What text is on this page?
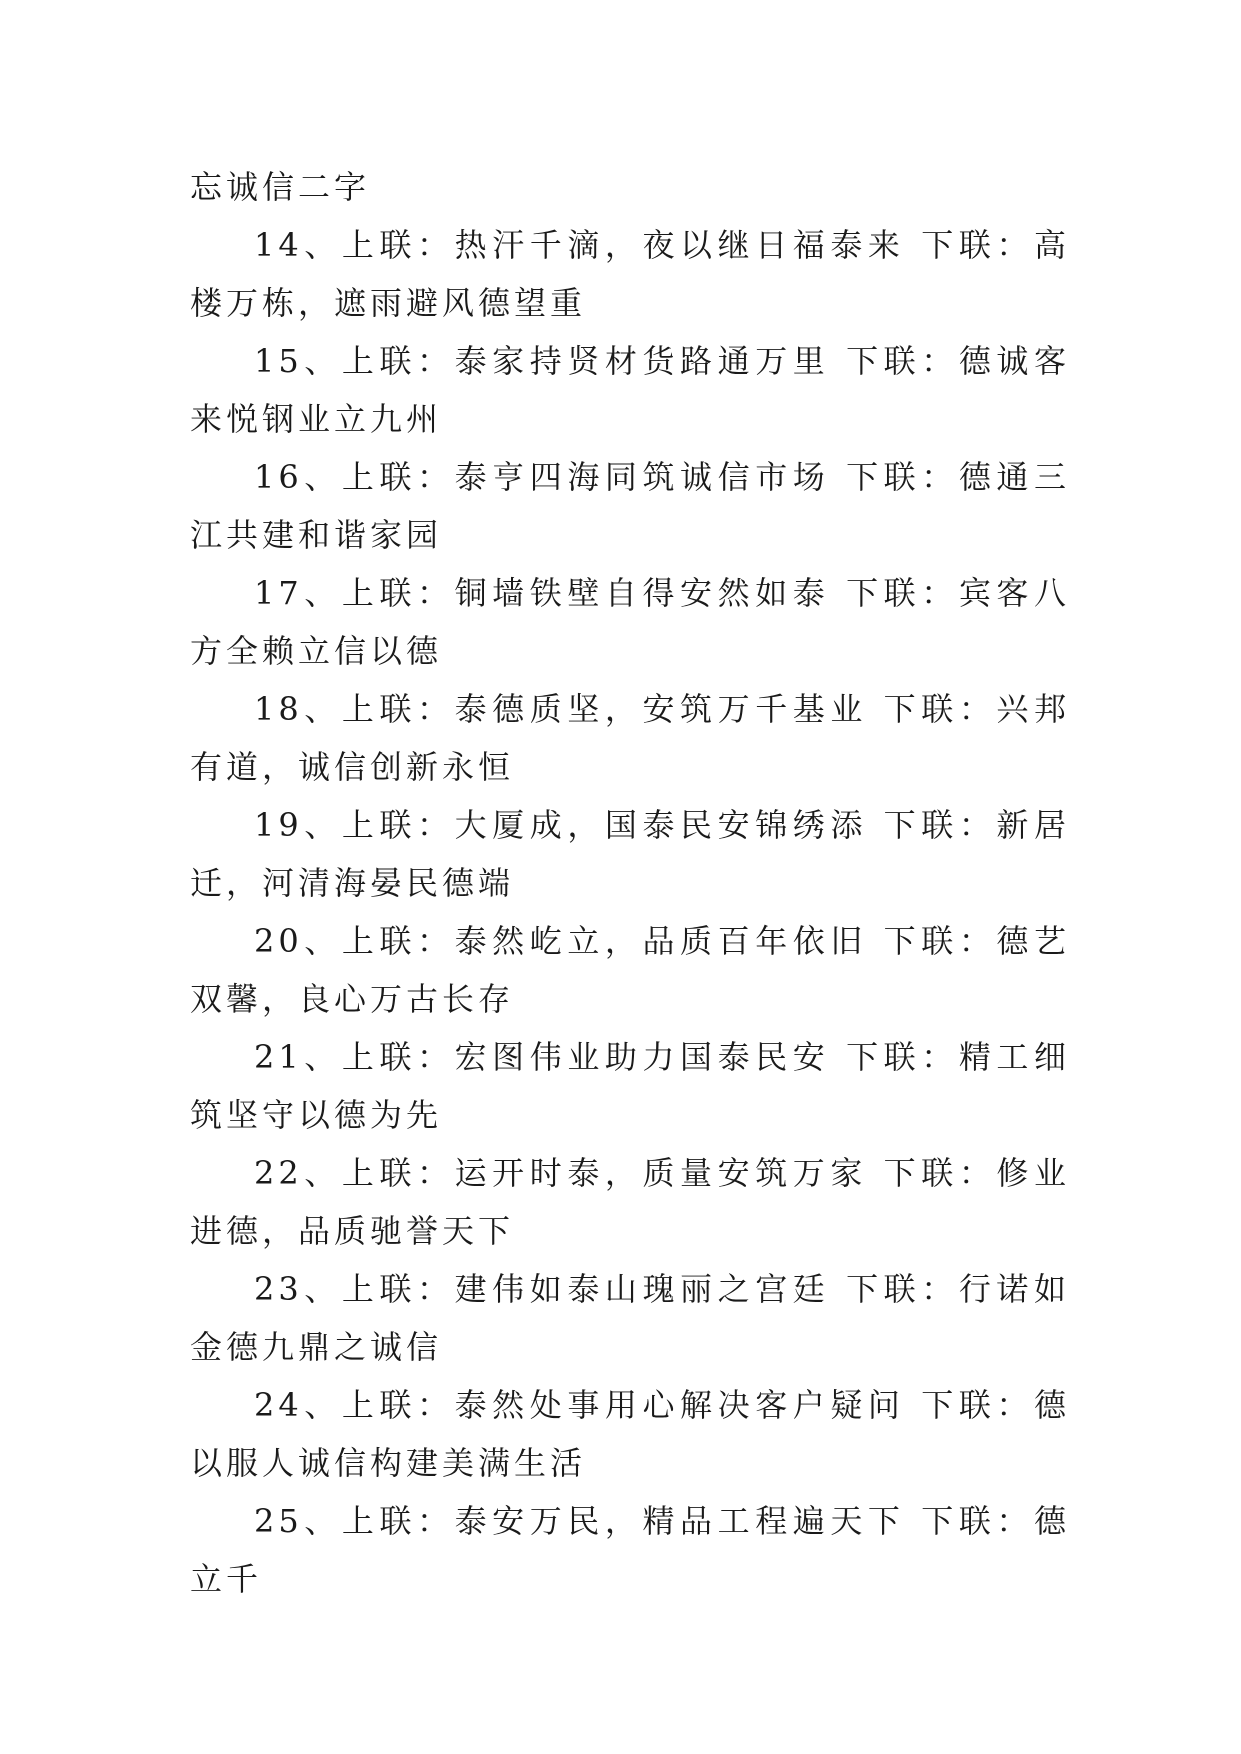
忘诚信二字

14、上联：热汗千滴，夜以继日福泰来 下联：高楼万栋，遮雨避风德望重

15、上联：泰家持贤材货路通万里 下联：德诚客来悦钢业立九州

16、上联：泰亨四海同筑诚信市场 下联：德通三江共建和谐家园

17、上联：铜墙铁壁自得安然如泰 下联：宾客八方全赖立信以德

18、上联：泰德质坚，安筑万千基业 下联：兴邦有道，诚信创新永恒

19、上联：大厦成，国泰民安锦绣添 下联：新居迁，河清海晏民德端

20、上联：泰然屹立，品质百年依旧 下联：德艺双馨，良心万古长存

21、上联：宏图伟业助力国泰民安 下联：精工细筑坚守以德为先

22、上联：运开时泰，质量安筑万家 下联：修业进德，品质驰誉天下

23、上联：建伟如泰山瑰丽之宫廷 下联：行诺如金德九鼎之诚信

24、上联：泰然处事用心解决客户疑问 下联：德以服人诚信构建美满生活

25、上联：泰安万民，精品工程遍天下 下联：德立千
